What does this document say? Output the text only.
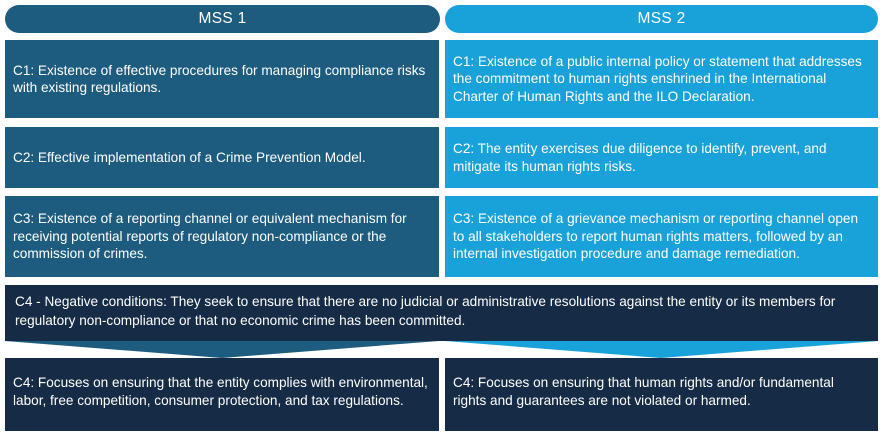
MSS 1	MSS 2
C1: Existence of effective procedures for managing compliance risks with existing regulations.
C1: Existence of a public internal policy or statement that addresses the commitment to human rights enshrined in the International Charter of Human Rights and the ILO Declaration.
C2: Effective implementation of a Crime Prevention Model.
C2: The entity exercises due diligence to identify, prevent, and mitigate its human rights risks.
C3: Existence of a reporting channel or equivalent mechanism for receiving potential reports of regulatory non-compliance or the commission of crimes.
C3: Existence of a grievance mechanism or reporting channel open to all stakeholders to report human rights matters, followed by an internal investigation procedure and damage remediation.
C4 - Negative conditions: They seek to ensure that there are no judicial or administrative resolutions against the entity or its members for regulatory non-compliance or that no economic crime has been committed.
C4: Focuses on ensuring that the entity complies with environmental, labor, free competition, consumer protection, and tax regulations.
C4: Focuses on ensuring that human rights and/or fundamental rights and guarantees are not violated or harmed.
